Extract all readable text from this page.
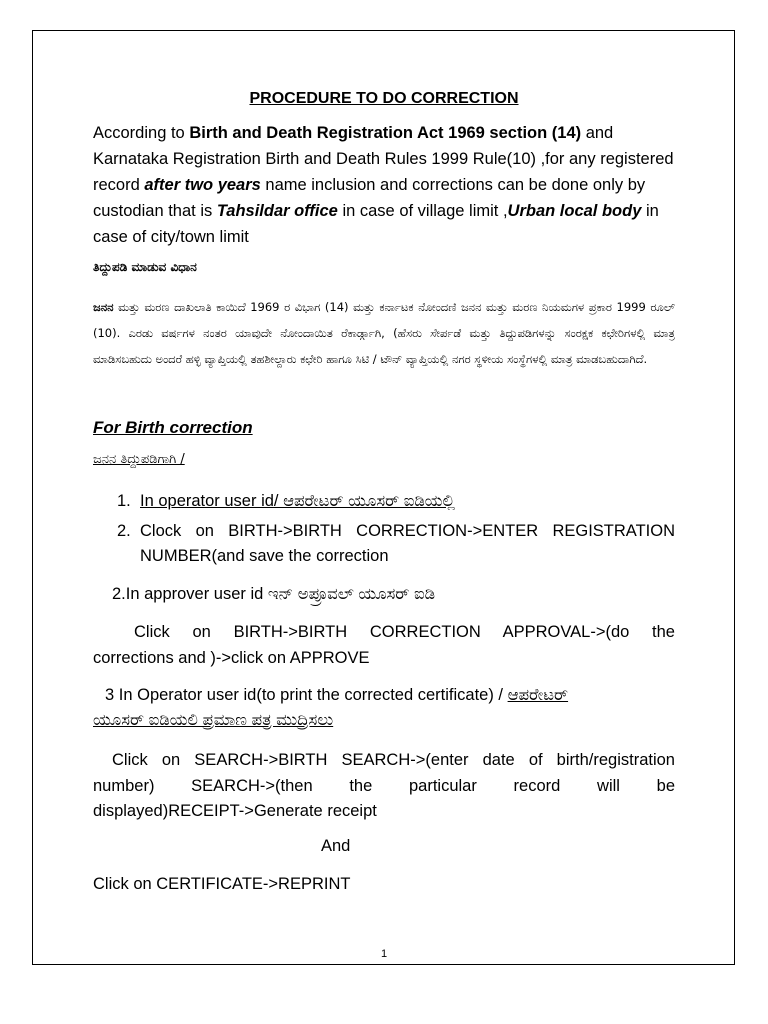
PROCEDURE TO DO CORRECTION
According to Birth and Death Registration Act 1969 section (14) and Karnataka Registration Birth and Death Rules 1999 Rule(10) ,for any registered record after two years name inclusion and corrections can be done only by custodian that is Tahsildar office in case of village limit ,Urban local body in case of city/town limit
ತಿದ್ದುಪಡಿ ಮಾಡುವ ವಿಧಾನ
ಜನನ ಮತ್ತು ಮರಣ ದಾಖಲಾತಿ ಕಾಯಿದೆ 1969 ರ ವಿಭಾಗ (14) ಮತ್ತು ಕರ್ನಾಟಕ ನೋಂದಣಿ ಜನನ ಮತ್ತು ಮರಣ ನಿಯಮಗಳ ಪ್ರಕಾರ 1999 ರೂಲ್ (10). ಎರಡು ವರ್ಷಗಳ ನಂತರ ಯಾವುದೇ ನೋಂದಾಯಿತ ರೆಕಾರ್ಡ್ಗಾಗಿ, (ಹೆಸರು ಸೇರ್ಪಡೆ ಮತ್ತು ತಿದ್ದುಪಡಿಗಳನ್ನು ಸಂರಕ್ಷಕ ಕಛೇರಿಗಳಲ್ಲಿ ಮಾತ್ರ ಮಾಡಿಸಬಹುದು ಅಂದರೆ ಹಳ್ಳಿ ವ್ಯಾಪ್ತಿಯಲ್ಲಿ ತಹಶೀಲ್ದಾರು ಕಛೇರಿ ಹಾಗೂ ಸಿಟಿ / ಟೌನ್ ವ್ಯಾಪ್ತಿಯಲ್ಲಿ ನಗರ ಸ್ಥಳೀಯ ಸಂಸ್ಥೆಗಳಲ್ಲಿ ಮಾತ್ರ ಮಾಡಬಹುದಾಗಿದೆ.
For Birth correction
ಜನನ ತಿದ್ದುಪಡಿಗಾಗಿ /
1. In operator user id/ ಆಪರೇಟರ್ ಯೂಸರ್ ಐಡಿಯಲ್ಲಿ
2. Clock on BIRTH->BIRTH CORRECTION->ENTER REGISTRATION
NUMBER(and save the correction
2.In approver user id ಇನ್ ಅಪ್ರೂವಲ್ ಯೂಸರ್ ಐಡಿ
Click on BIRTH->BIRTH CORRECTION APPROVAL->(do the
corrections and )->click on APPROVE
3 In Operator user id(to print the corrected certificate) / ಆಪರೇಟರ್
ಯೂಸರ್ ಐಡಿಯಲಿ ಪ್ರಮಾಣ ಪತ್ರ ಮುದ್ರಿಸಲು
Click on SEARCH->BIRTH SEARCH->(enter date of birth/registration
number) SEARCH->(then the particular record will be
displayed)RECEIPT->Generate receipt
And
Click on CERTIFICATE->REPRINT
1
